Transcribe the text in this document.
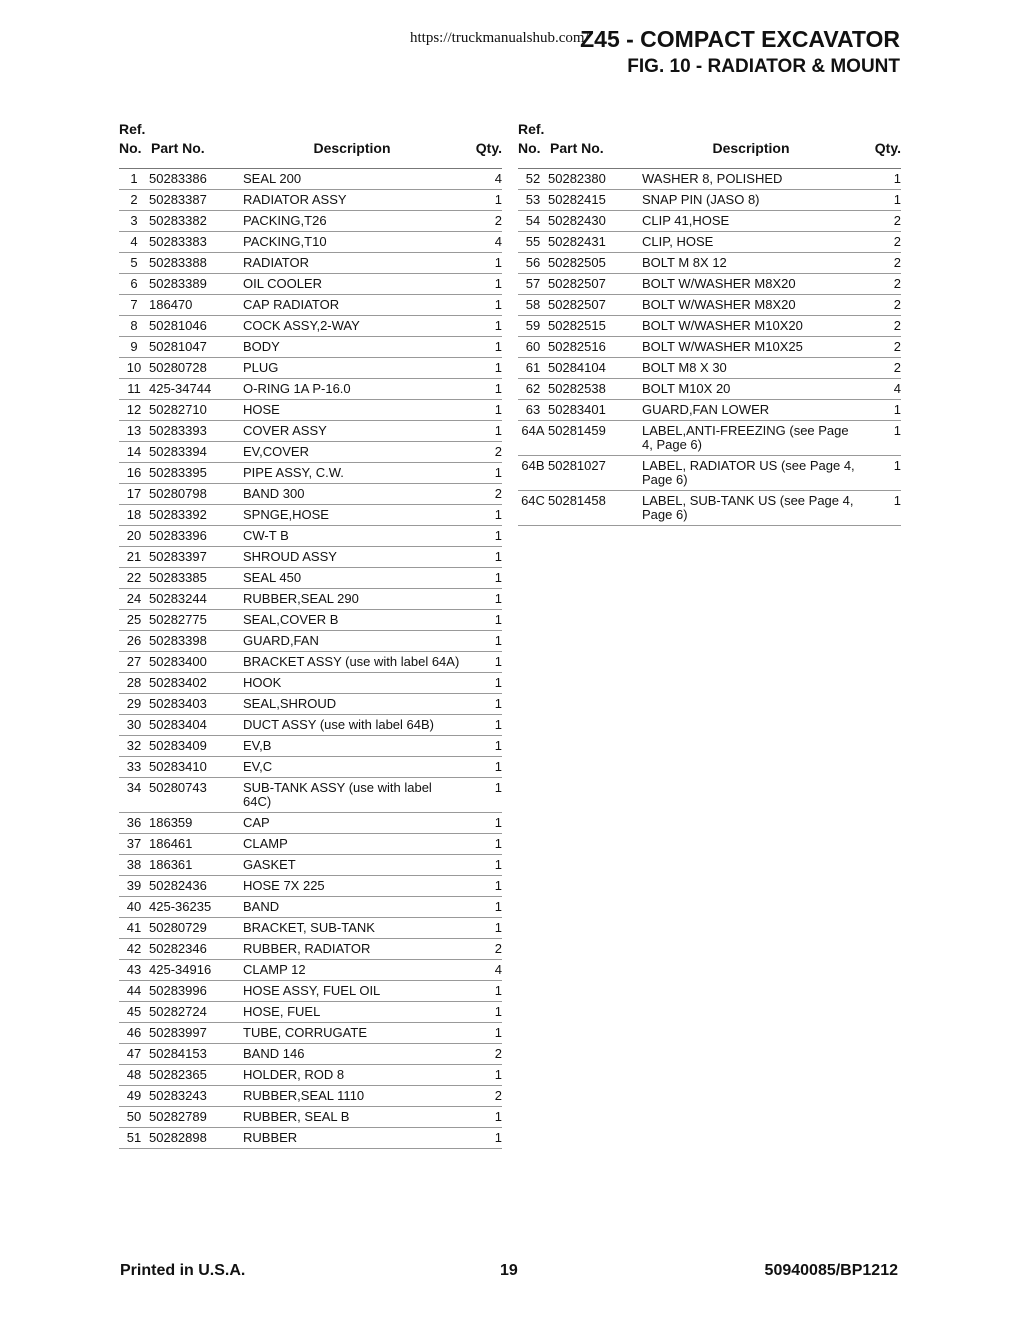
https://truckmanualshub.com/
Z45 - COMPACT EXCAVATOR
FIG. 10 - RADIATOR & MOUNT
Ref.
No.	Part No.	Description	Qty.
1	50283386	SEAL 200	4
2	50283387	RADIATOR ASSY	1
3	50283382	PACKING,T26	2
4	50283383	PACKING,T10	4
5	50283388	RADIATOR	1
6	50283389	OIL COOLER	1
7	186470	CAP RADIATOR	1
8	50281046	COCK ASSY,2-WAY	1
9	50281047	BODY	1
10	50280728	PLUG	1
11	425-34744	O-RING 1A P-16.0	1
12	50282710	HOSE	1
13	50283393	COVER ASSY	1
14	50283394	EV,COVER	2
16	50283395	PIPE ASSY, C.W.	1
17	50280798	BAND 300	2
18	50283392	SPNGE,HOSE	1
20	50283396	CW-T B	1
21	50283397	SHROUD ASSY	1
22	50283385	SEAL 450	1
24	50283244	RUBBER,SEAL 290	1
25	50282775	SEAL,COVER B	1
26	50283398	GUARD,FAN	1
27	50283400	BRACKET ASSY (use with label 64A)	1
28	50283402	HOOK	1
29	50283403	SEAL,SHROUD	1
30	50283404	DUCT ASSY (use with label 64B)	1
32	50283409	EV,B	1
33	50283410	EV,C	1
34	50280743	SUB-TANK ASSY (use with label 64C)	1
36	186359	CAP	1
37	186461	CLAMP	1
38	186361	GASKET	1
39	50282436	HOSE 7X 225	1
40	425-36235	BAND	1
41	50280729	BRACKET, SUB-TANK	1
42	50282346	RUBBER, RADIATOR	2
43	425-34916	CLAMP 12	4
44	50283996	HOSE ASSY, FUEL OIL	1
45	50282724	HOSE, FUEL	1
46	50283997	TUBE, CORRUGATE	1
47	50284153	BAND 146	2
48	50282365	HOLDER, ROD 8	1
49	50283243	RUBBER,SEAL 1110	2
50	50282789	RUBBER, SEAL B	1
51	50282898	RUBBER	1
Ref.
No.	Part No.	Description	Qty.
52	50282380	WASHER 8, POLISHED	1
53	50282415	SNAP PIN (JASO 8)	1
54	50282430	CLIP 41,HOSE	2
55	50282431	CLIP, HOSE	2
56	50282505	BOLT M 8X 12	2
57	50282507	BOLT W/WASHER M8X20	2
58	50282507	BOLT W/WASHER M8X20	2
59	50282515	BOLT W/WASHER M10X20	2
60	50282516	BOLT W/WASHER M10X25	2
61	50284104	BOLT M8 X 30	2
62	50282538	BOLT M10X 20	4
63	50283401	GUARD,FAN LOWER	1
64A	50281459	LABEL,ANTI-FREEZING (see Page 4, Page 6)	1
64B	50281027	LABEL, RADIATOR US (see Page 4, Page 6)	1
64C	50281458	LABEL, SUB-TANK US (see Page 4, Page 6)	1
Printed in U.S.A.	19	50940085/BP1212
